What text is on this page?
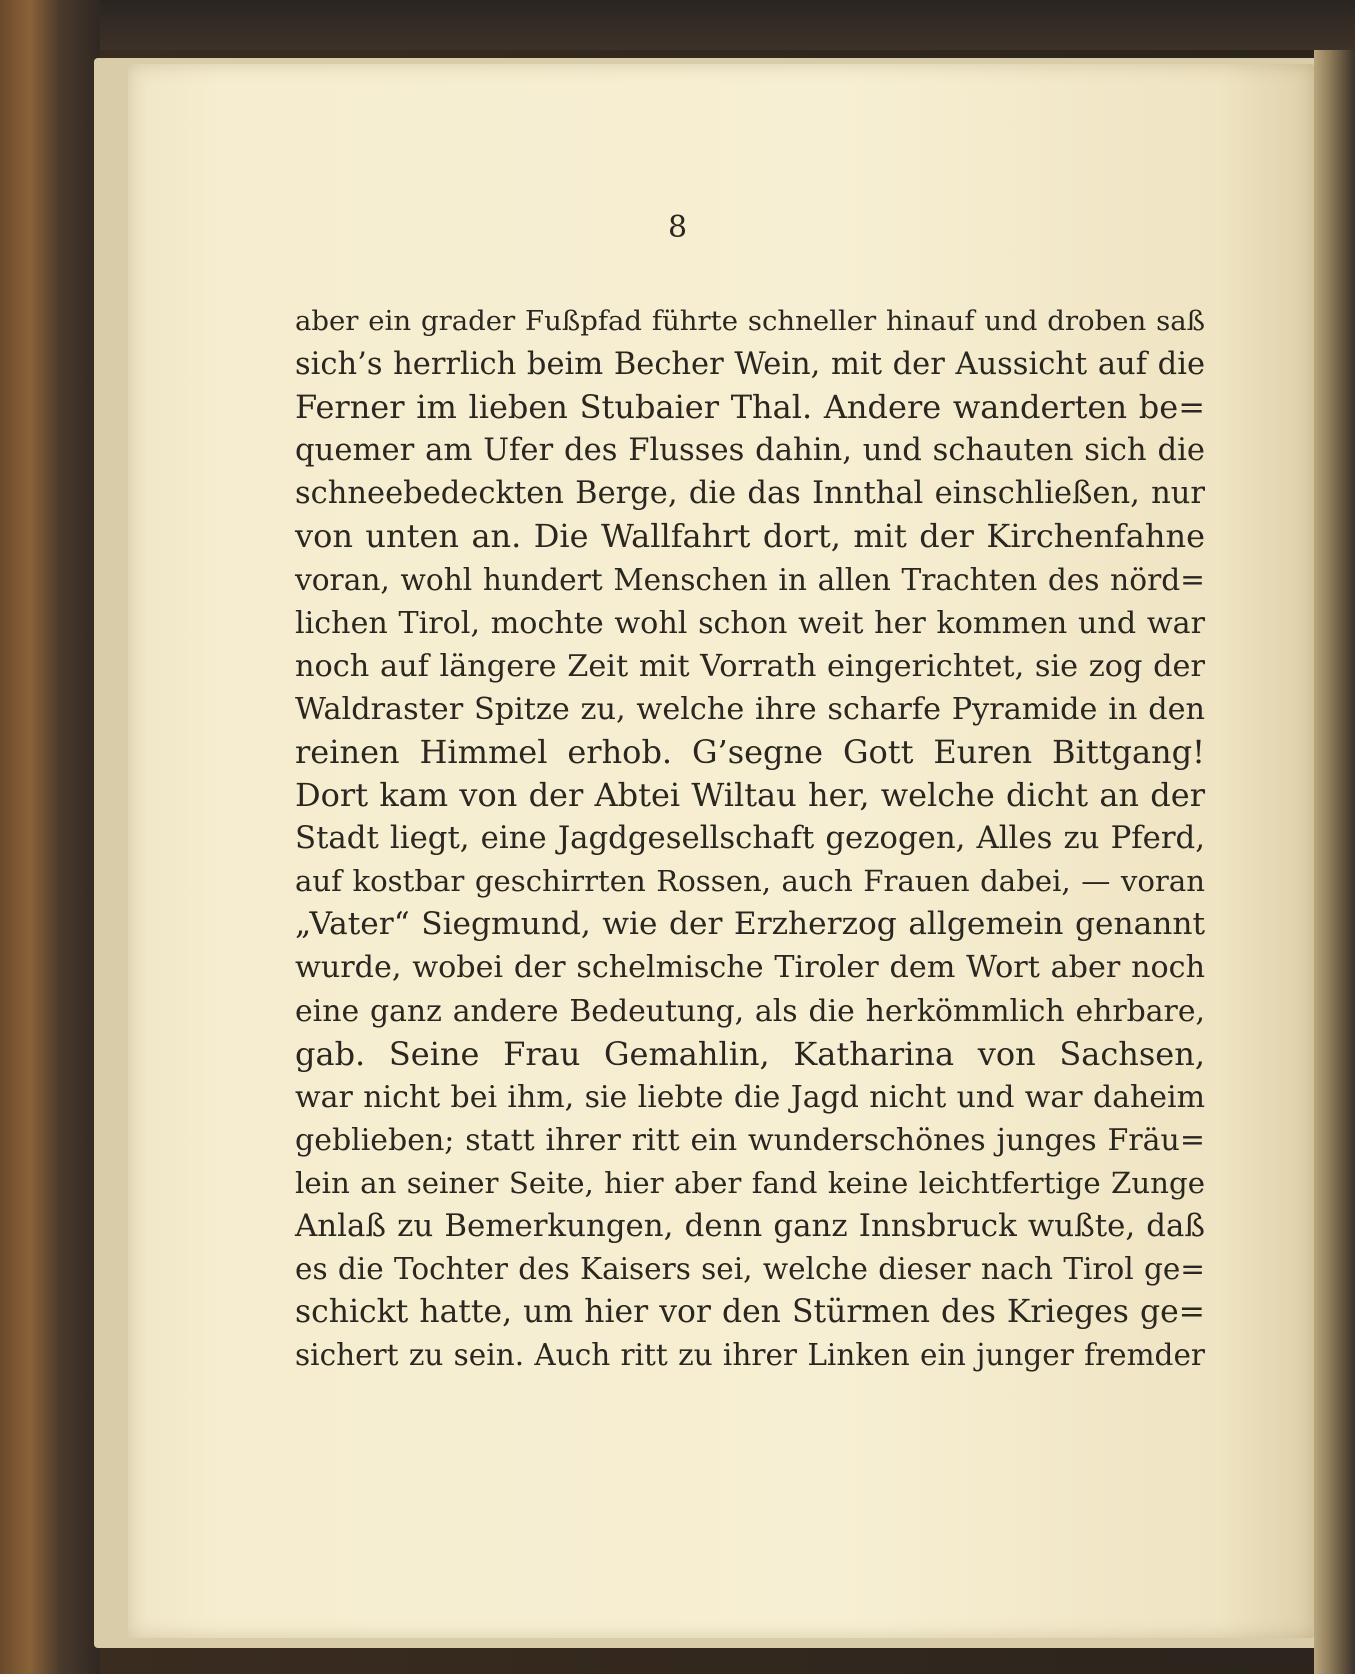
8
aber ein grader Fußpfad führte schneller hinauf und droben saß
sich’s herrlich beim Becher Wein, mit der Aussicht auf die
Ferner im lieben Stubaier Thal. Andere wanderten be=
quemer am Ufer des Flusses dahin, und schauten sich die
schneebedeckten Berge, die das Innthal einschließen, nur
von unten an. Die Wallfahrt dort, mit der Kirchenfahne
voran, wohl hundert Menschen in allen Trachten des nörd=
lichen Tirol, mochte wohl schon weit her kommen und war
noch auf längere Zeit mit Vorrath eingerichtet, sie zog der
Waldraster Spitze zu, welche ihre scharfe Pyramide in den
reinen Himmel erhob. G’segne Gott Euren Bittgang!
Dort kam von der Abtei Wiltau her, welche dicht an der
Stadt liegt, eine Jagdgesellschaft gezogen, Alles zu Pferd,
auf kostbar geschirrten Rossen, auch Frauen dabei, — voran
„Vater“ Siegmund, wie der Erzherzog allgemein genannt
wurde, wobei der schelmische Tiroler dem Wort aber noch
eine ganz andere Bedeutung, als die herkömmlich ehrbare,
gab. Seine Frau Gemahlin, Katharina von Sachsen,
war nicht bei ihm, sie liebte die Jagd nicht und war daheim
geblieben; statt ihrer ritt ein wunderschönes junges Fräu=
lein an seiner Seite, hier aber fand keine leichtfertige Zunge
Anlaß zu Bemerkungen, denn ganz Innsbruck wußte, daß
es die Tochter des Kaisers sei, welche dieser nach Tirol ge=
schickt hatte, um hier vor den Stürmen des Krieges ge=
sichert zu sein. Auch ritt zu ihrer Linken ein junger fremder
